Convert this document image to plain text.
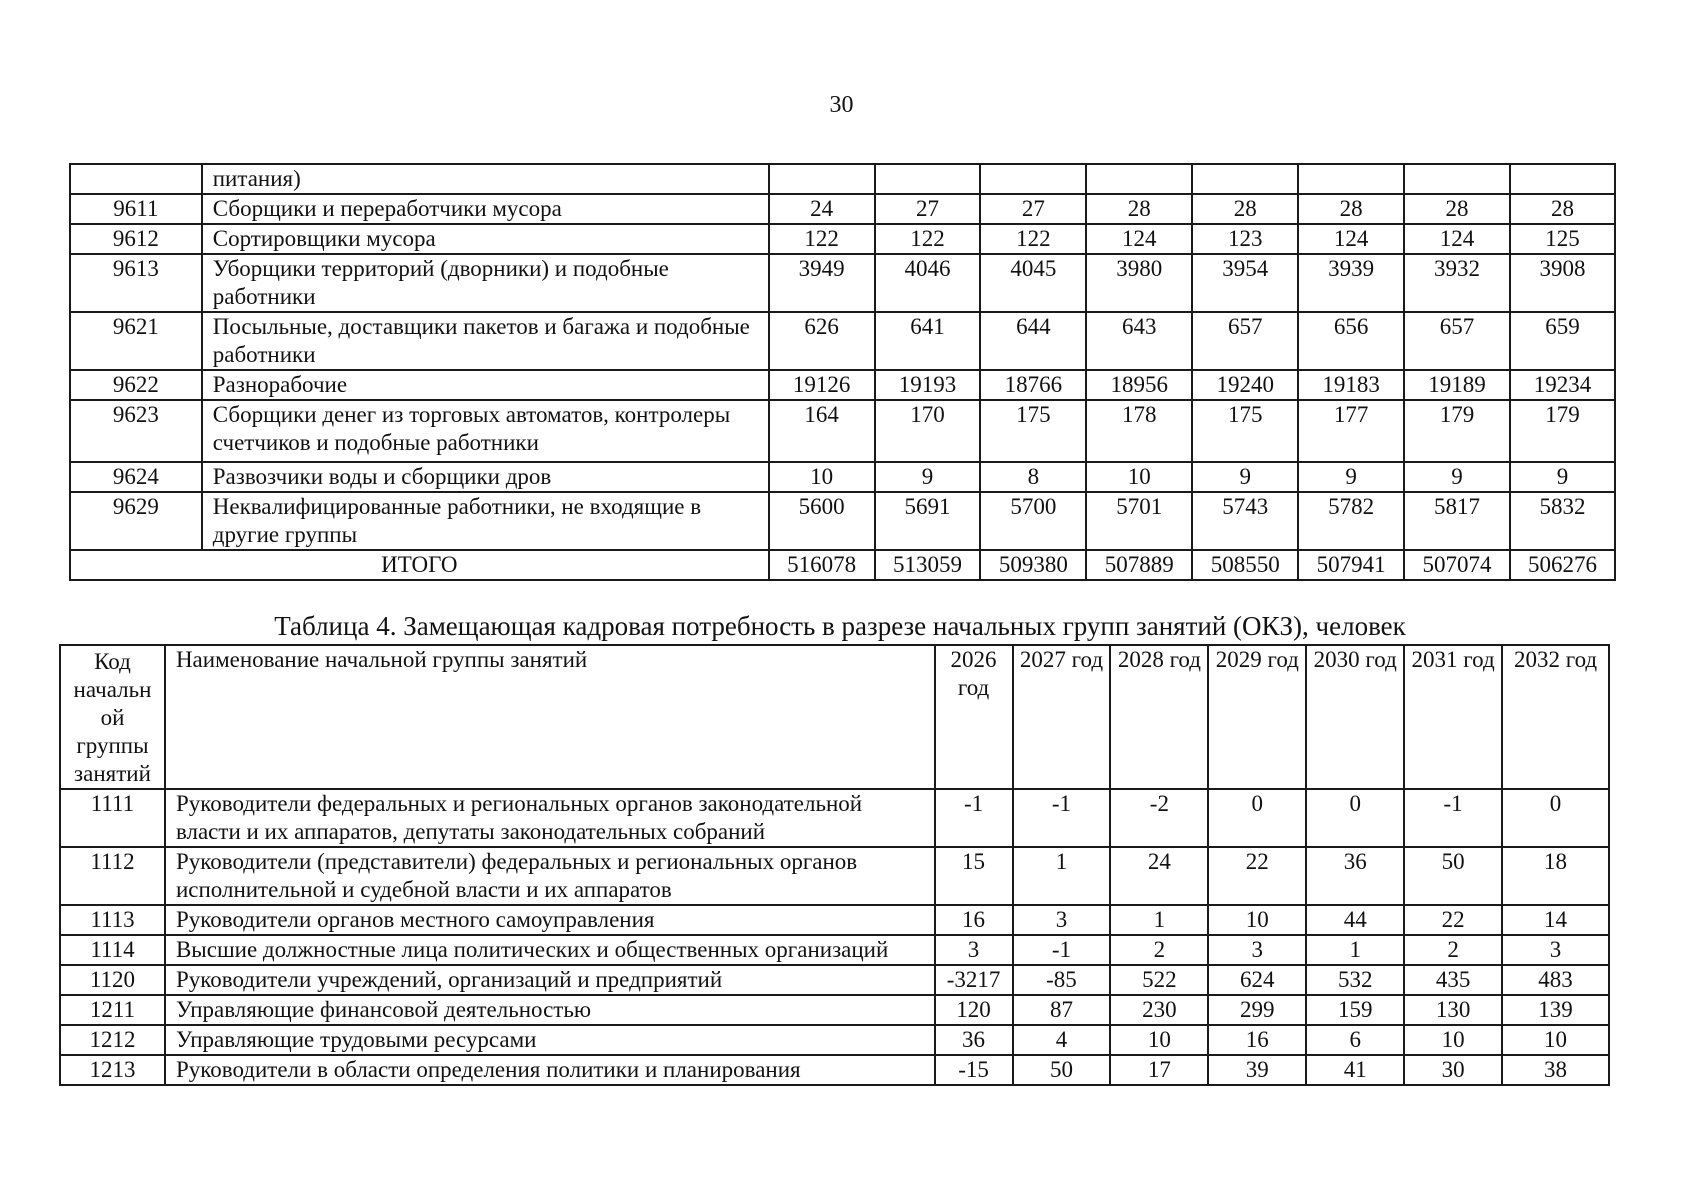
30
	питания)								
9611	Сборщики и переработчики мусора	24	27	27	28	28	28	28	28
9612	Сортировщики мусора	122	122	122	124	123	124	124	125
9613	Уборщики территорий (дворники) и подобные работники	3949	4046	4045	3980	3954	3939	3932	3908
9621	Посыльные, доставщики пакетов и багажа и подобные работники	626	641	644	643	657	656	657	659
9622	Разнорабочие	19126	19193	18766	18956	19240	19183	19189	19234
9623	Сборщики денег из торговых автоматов, контролеры счетчиков и подобные работники	164	170	175	178	175	177	179	179
9624	Развозчики воды и сборщики дров	10	9	8	10	9	9	9	9
9629	Неквалифицированные работники, не входящие в другие группы	5600	5691	5700	5701	5743	5782	5817	5832
ИТОГО		516078	513059	509380	507889	508550	507941	507074	506276
Таблица 4. Замещающая кадровая потребность в разрезе начальных групп занятий (ОКЗ), человек
Код начальн ой группы занятий	Наименование начальной группы занятий	2026 год	2027 год	2028 год	2029 год	2030 год	2031 год	2032 год
1111	Руководители федеральных и региональных органов законодательной власти и их аппаратов, депутаты законодательных собраний	-1	-1	-2	0	0	-1	0
1112	Руководители (представители) федеральных и региональных органов исполнительной и судебной власти и их аппаратов	15	1	24	22	36	50	18
1113	Руководители органов местного самоуправления	16	3	1	10	44	22	14
1114	Высшие должностные лица политических и общественных организаций	3	-1	2	3	1	2	3
1120	Руководители учреждений, организаций и предприятий	-3217	-85	522	624	532	435	483
1211	Управляющие финансовой деятельностью	120	87	230	299	159	130	139
1212	Управляющие трудовыми ресурсами	36	4	10	16	6	10	10
1213	Руководители в области определения политики и планирования	-15	50	17	39	41	30	38
